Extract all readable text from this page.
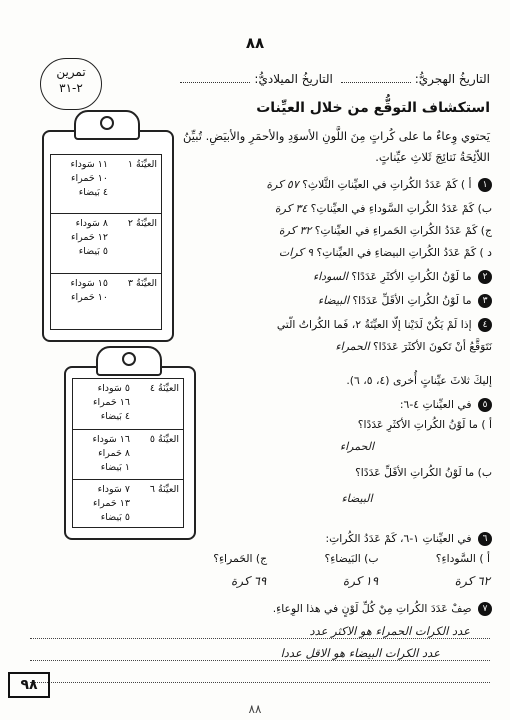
٨٨
تمرين
٢-٣١
التاريخُ الهجريُّ: التاريخُ الميلاديُّ:
استكشاف التوقُّع من خلال العيِّنات
يَحتوي وِعاءٌ ما على كُراتٍ مِنَ اللَّونِ الأسوَدِ والأحمَرِ والأبيَضِ. تُبيِّنُ اللاّئِحَةُ نَتائِجَ ثَلاثِ عيِّناتٍ.
١ أ ) كَمْ عَدَدُ الكُراتِ في العيِّناتِ الثَّلاثِ؟ ٥٧ كرة
ب) كَمْ عَدَدُ الكُراتِ السَّوداءِ في العيِّناتِ؟ ٣٤ كرة
ج) كَمْ عَدَدُ الكُراتِ الحَمراءِ في العيِّناتِ؟ ٣٢ كرة
د ) كَمْ عَدَدُ الكُراتِ البيضاءِ في العيِّناتِ؟ ٩ كرات
٢ ما لَوْنُ الكُراتِ الأكثَرِ عَدَدًا؟ السوداء
٣ ما لَوْنُ الكُراتِ الأقَلِّ عَدَدًا؟ البيضاء
٤ إذا لَمْ يَكُنْ لَدَيْنا إلّا العيِّنَةُ ٢، فَما الكُراتُ الّتي
نَتَوَقَّعُ أنْ تَكونَ الأكثَرَ عَدَدًا؟ الحمراء
إليكَ ثلاثَ عيِّناتٍ أُخرى (٤، ٥، ٦).
٥ في العيِّناتِ ٤-٦:
أ ) ما لَوْنُ الكُراتِ الأكثَرِ عَدَدًا؟
الحمراء
ب) ما لَوْنُ الكُراتِ الأقَلِّ عَدَدًا؟
البيضاء
٦ في العيِّناتِ ١-٦، كَمْ عَدَدُ الكُراتِ:
أ ) السَّوداءِ؟ ب) البَيضاءِ؟ ج) الحَمراءِ؟
٦٢ كرة ١٩ كرة ٦٩ كرة
٧ صِفْ عَدَدَ الكُراتِ مِنْ كُلِّ لَوْنٍ في هذا الوِعاءِ.
عدد الكرات الحمراء هو الاكثر عدد
عدد الكرات البيضاء هو الاقل عددا
العيِّنَةُ ١
١١ سَوداء
١٠ حَمراء
٤ بَيضاء
العيِّنَةُ ٢
٨ سَوداء
١٢ حَمراء
٥ بَيضاء
العيِّنَةُ ٣
١٥ سَوداء
١٠ حَمراء
العيِّنَةُ ٤
٥ سَوداء
١٦ حَمراء
٤ بَيضاء
العيِّنَةُ ٥
١٦ سَوداء
٨ حَمراء
١ بَيضاء
العيِّنَةُ ٦
٧ سَوداء
١٣ حَمراء
٥ بَيضاء
٩٨
٨٨
